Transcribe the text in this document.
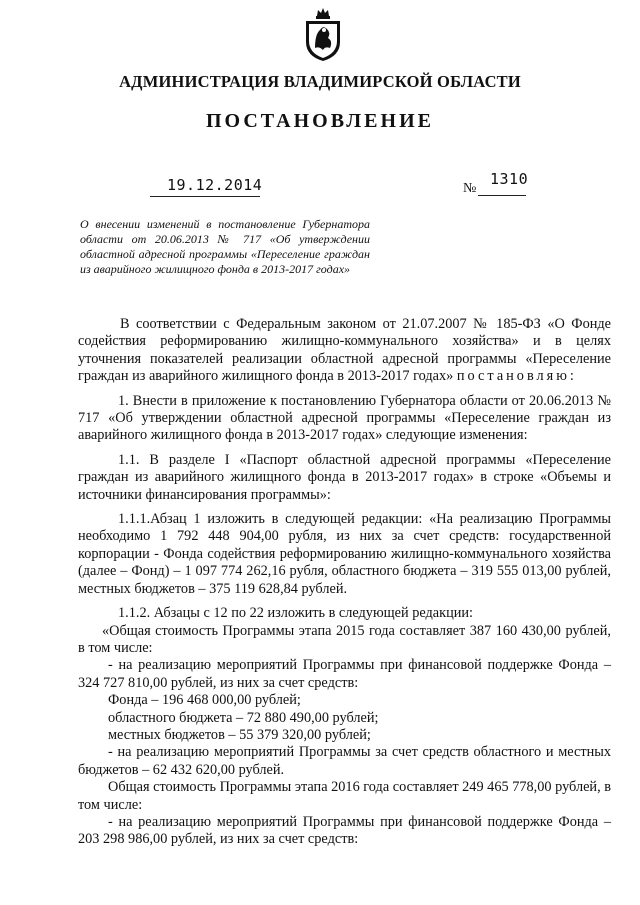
АДМИНИСТРАЦИЯ ВЛАДИМИРСКОЙ ОБЛАСТИ
ПОСТАНОВЛЕНИЕ
19.12.2014	№
1310
О внесении изменений в постановление Губернатора области от 20.06.2013 № 717 «Об утверждении областной адресной программы «Переселение граждан из аварийного жилищного фонда в 2013-2017 годах»

В соответствии с Федеральным законом от 21.07.2007 № 185-ФЗ «О Фонде содействия реформированию жилищно-коммунального хозяйства» и в целях уточнения показателей реализации областной адресной программы «Переселение граждан из аварийного жилищного фонда в 2013-2017 годах» постановляю:

1. Внести в приложение к постановлению Губернатора области от 20.06.2013 № 717 «Об утверждении областной адресной программы «Переселение граждан из аварийного жилищного фонда в 2013-2017 годах» следующие изменения:

1.1. В разделе I «Паспорт областной адресной программы «Переселение граждан из аварийного жилищного фонда в 2013-2017 годах» в строке «Объемы и источники финансирования программы»:

1.1.1.Абзац 1 изложить в следующей редакции: «На реализацию Программы необходимо 1 792 448 904,00 рубля, из них за счет средств: государственной корпорации - Фонда содействия реформированию жилищно-коммунального хозяйства (далее – Фонд) – 1 097 774 262,16 рубля, областного бюджета – 319 555 013,00 рублей, местных бюджетов – 375 119 628,84 рублей.

1.1.2. Абзацы с 12 по 22 изложить в следующей редакции:

«Общая стоимость Программы этапа 2015 года составляет 387 160 430,00 рублей, в том числе:

- на реализацию мероприятий Программы при финансовой поддержке Фонда – 324 727 810,00 рублей, из них за счет средств:

Фонда – 196 468 000,00 рублей;

областного бюджета – 72 880 490,00 рублей;

местных бюджетов – 55 379 320,00 рублей;

- на реализацию мероприятий Программы за счет средств областного и местных бюджетов – 62 432 620,00 рублей.

Общая стоимость Программы этапа 2016 года составляет 249 465 778,00 рублей, в том числе:

- на реализацию мероприятий Программы при финансовой поддержке Фонда – 203 298 986,00 рублей, из них за счет средств:
